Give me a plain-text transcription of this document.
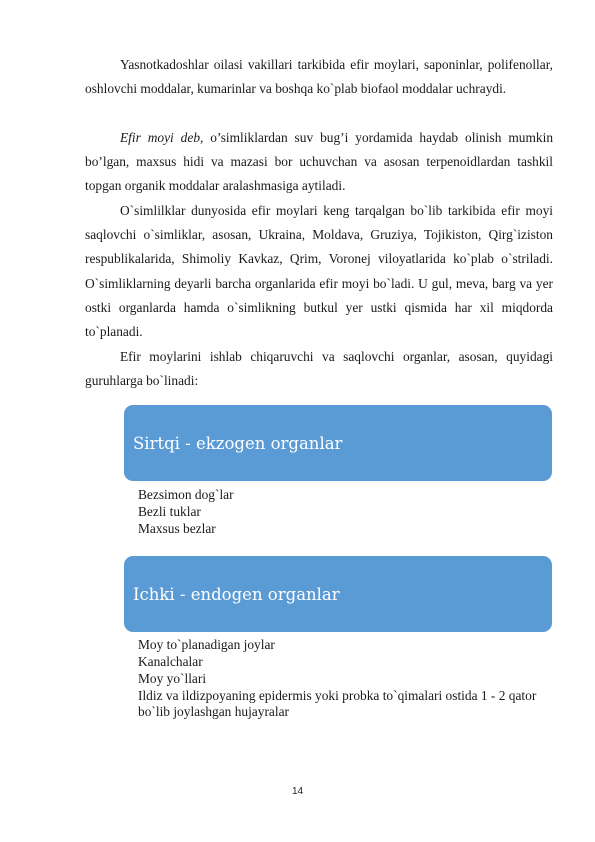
Yasnotkadoshlar oilasi vakillari tarkibida efir moylari, saponinlar, polifenollar, oshlovchi moddalar, kumarinlar va boshqa ko`plab biofaol moddalar uchraydi.

Efir moyi deb, o’simliklardan suv bug’i yordamida haydab olinish mumkin bo’lgan, maxsus hidi va mazasi bor uchuvchan va asosan terpenoidlardan tashkil topgan organik moddalar aralashmasiga aytiladi.

O`simlilklar dunyosida efir moylari keng tarqalgan bo`lib tarkibida efir moyi saqlovchi o`simliklar, asosan, Ukraina, Moldava, Gruziya, Tojikiston, Qirg`iziston respublikalarida, Shimoliy Kavkaz, Qrim, Voronej viloyatlarida ko`plab o`striladi. O`simliklarning deyarli barcha organlarida efir moyi bo`ladi. U gul, meva, barg va yer ostki organlarda hamda o`simlikning butkul yer ustki qismida har xil miqdorda to`planadi.

Efir moylarini ishlab chiqaruvchi va saqlovchi organlar, asosan, quyidagi guruhlarga bo`linadi:

Sirtqi - ekzogen organlar
Bezsimon dog`lar
Bezli tuklar
Maxsus bezlar
Ichki - endogen organlar
Moy to`planadigan joylar
Kanalchalar
Moy yo`llari
Ildiz va ildizpoyaning epidermis yoki probka to`qimalari ostida 1 - 2 qator bo`lib joylashgan hujayralar
14
